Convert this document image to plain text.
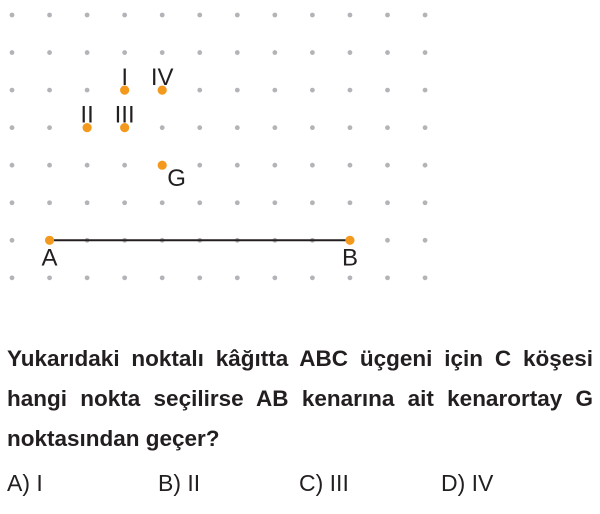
A	B
G
I
II III
IV
Yukarıdaki noktalı kâğıtta ABC üçgeni için C köşesi hangi nokta seçilirse AB kenarına ait kenarortay G noktasından geçer?
A) I	B) II	C) III	D) IV
